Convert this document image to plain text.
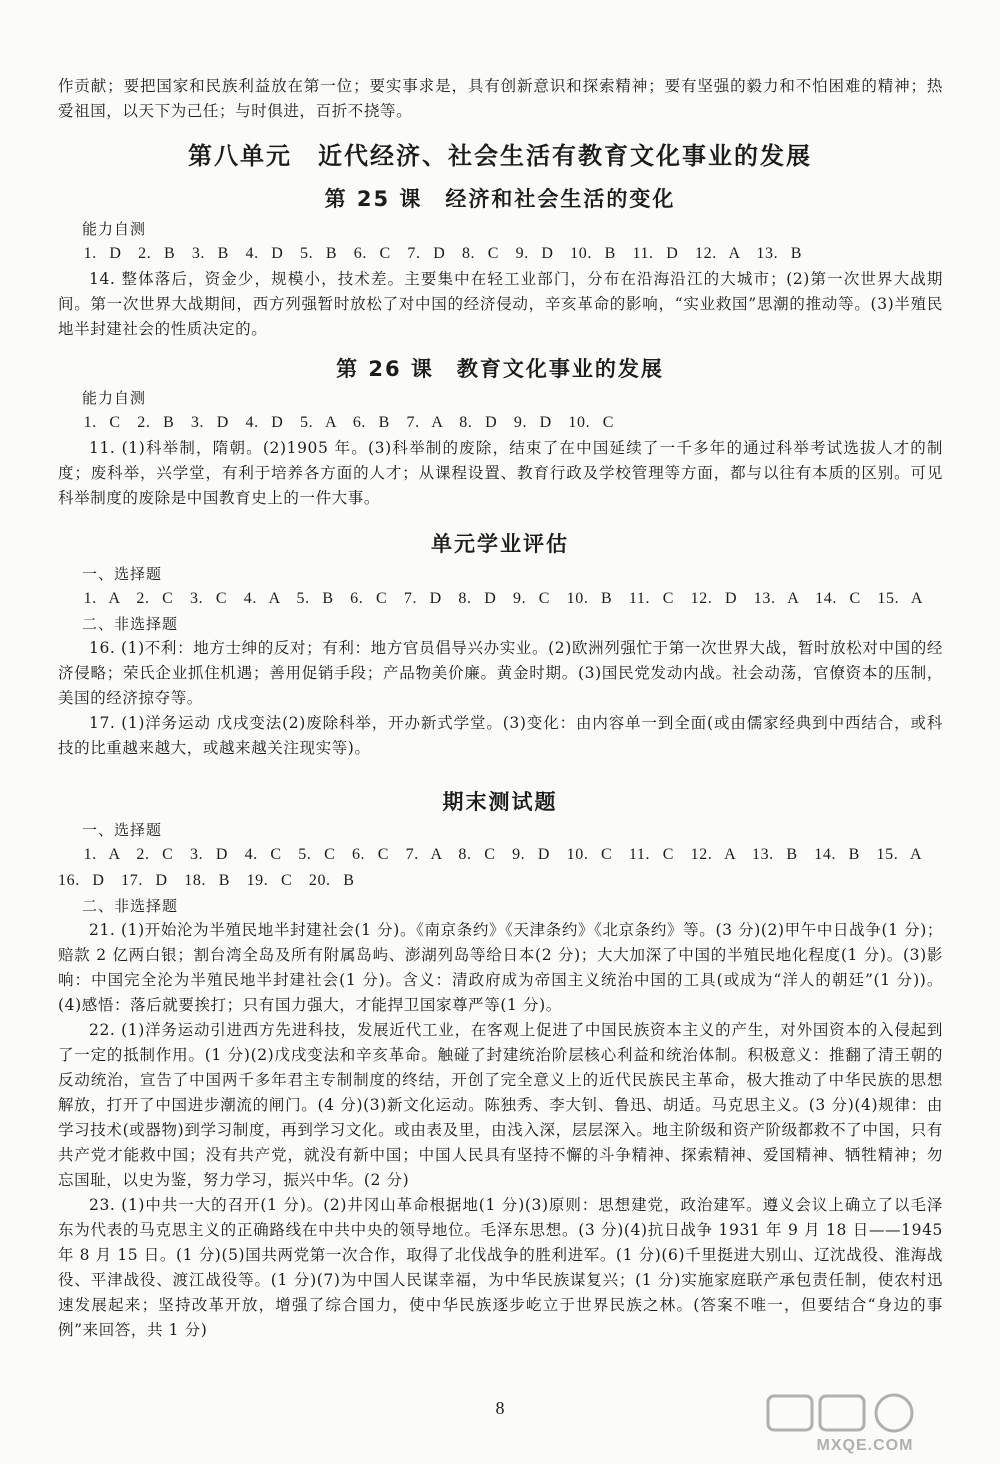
作贡献；要把国家和民族利益放在第一位；要实事求是，具有创新意识和探索精神；要有坚强的毅力和不怕困难的精神；热爱祖国，以天下为己任；与时俱进，百折不挠等。

第八单元　近代经济、社会生活有教育文化事业的发展
第 25 课　经济和社会生活的变化

能力自测

1. D　2. B　3. B　4. D　5. B　6. C　7. D　8. C　9. D　10. B　11. D　12. A　13. B

14. 整体落后，资金少，规模小，技术差。主要集中在轻工业部门，分布在沿海沿江的大城市；(2)第一次世界大战期间。第一次世界大战期间，西方列强暂时放松了对中国的经济侵动，辛亥革命的影响，“实业救国”思潮的推动等。(3)半殖民地半封建社会的性质决定的。

第 26 课　教育文化事业的发展

能力自测

1. C　2. B　3. D　4. D　5. A　6. B　7. A　8. D　9. D　10. C

11. (1)科举制，隋朝。(2)1905 年。(3)科举制的废除，结束了在中国延续了一千多年的通过科举考试选拔人才的制度；废科举，兴学堂，有利于培养各方面的人才；从课程设置、教育行政及学校管理等方面，都与以往有本质的区别。可见科举制度的废除是中国教育史上的一件大事。

单元学业评估

一、选择题

1. A　2. C　3. C　4. A　5. B　6. C　7. D　8. D　9. C　10. B　11. C　12. D　13. A　14. C　15. A

二、非选择题

16. (1)不利：地方士绅的反对；有利：地方官员倡导兴办实业。(2)欧洲列强忙于第一次世界大战，暂时放松对中国的经济侵略；荣氏企业抓住机遇；善用促销手段；产品物美价廉。黄金时期。(3)国民党发动内战。社会动荡，官僚资本的压制，美国的经济掠夺等。

17. (1)洋务运动 戊戌变法(2)废除科举，开办新式学堂。(3)变化：由内容单一到全面(或由儒家经典到中西结合，或科技的比重越来越大，或越来越关注现实等)。

期末测试题

一、选择题

1. A　2. C　3. D　4. C　5. C　6. C　7. A　8. C　9. D　10. C　11. C　12. A　13. B　14. B　15. A　16. D　17. D　18. B　19. C　20. B

二、非选择题

21. (1)开始沦为半殖民地半封建社会(1 分)。《南京条约》《天津条约》《北京条约》等。(3 分)(2)甲午中日战争(1 分)；赔款 2 亿两白银；割台湾全岛及所有附属岛屿、澎湖列岛等给日本(2 分)；大大加深了中国的半殖民地化程度(1 分)。(3)影响：中国完全沦为半殖民地半封建社会(1 分)。含义：清政府成为帝国主义统治中国的工具(或成为“洋人的朝廷”(1 分))。(4)感悟：落后就要挨打；只有国力强大，才能捍卫国家尊严等(1 分)。

22. (1)洋务运动引进西方先进科技，发展近代工业，在客观上促进了中国民族资本主义的产生，对外国资本的入侵起到了一定的抵制作用。(1 分)(2)戊戌变法和辛亥革命。触碰了封建统治阶层核心利益和统治体制。积极意义：推翻了清王朝的反动统治，宣告了中国两千多年君主专制制度的终结，开创了完全意义上的近代民族民主革命，极大推动了中华民族的思想解放，打开了中国进步潮流的闸门。(4 分)(3)新文化运动。陈独秀、李大钊、鲁迅、胡适。马克思主义。(3 分)(4)规律：由学习技术(或器物)到学习制度，再到学习文化。或由表及里，由浅入深，层层深入。地主阶级和资产阶级都救不了中国，只有共产党才能救中国；没有共产党，就没有新中国；中国人民具有坚持不懈的斗争精神、探索精神、爱国精神、牺牲精神；勿忘国耻，以史为鉴，努力学习，振兴中华。(2 分)

23. (1)中共一大的召开(1 分)。(2)井冈山革命根据地(1 分)(3)原则：思想建党，政治建军。遵义会议上确立了以毛泽东为代表的马克思主义的正确路线在中共中央的领导地位。毛泽东思想。(3 分)(4)抗日战争 1931 年 9 月 18 日——1945 年 8 月 15 日。(1 分)(5)国共两党第一次合作，取得了北伐战争的胜利进军。(1 分)(6)千里挺进大别山、辽沈战役、淮海战役、平津战役、渡江战役等。(1 分)(7)为中国人民谋幸福，为中华民族谋复兴；(1 分)实施家庭联产承包责任制，使农村迅速发展起来；坚持改革开放，增强了综合国力，使中华民族逐步屹立于世界民族之林。(答案不唯一，但要结合“身边的事例”来回答，共 1 分)

8
MXQE.COM
